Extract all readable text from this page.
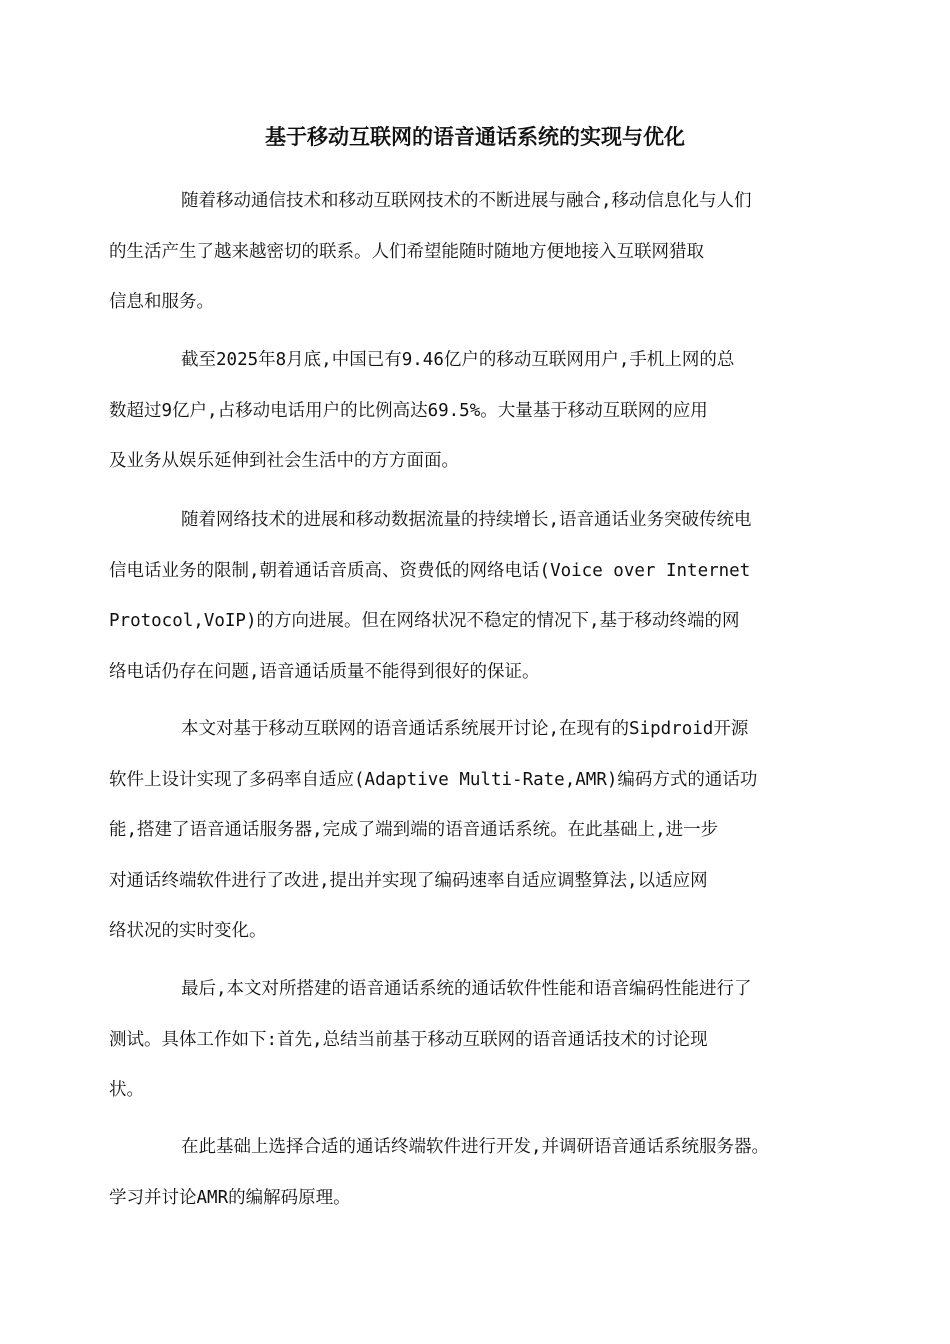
基于移动互联网的语音通话系统的实现与优化

随着移动通信技术和移动互联网技术的不断进展与融合,移动信息化与人们
的生活产生了越来越密切的联系。人们希望能随时随地方便地接入互联网猎取
信息和服务。

截至2025年8月底,中国已有9.46亿户的移动互联网用户,手机上网的总
数超过9亿户,占移动电话用户的比例高达69.5%。大量基于移动互联网的应用
及业务从娱乐延伸到社会生活中的方方面面。

随着网络技术的进展和移动数据流量的持续增长,语音通话业务突破传统电
信电话业务的限制,朝着通话音质高、资费低的网络电话(Voice over Internet
Protocol,VoIP)的方向进展。但在网络状况不稳定的情况下,基于移动终端的网
络电话仍存在问题,语音通话质量不能得到很好的保证。

本文对基于移动互联网的语音通话系统展开讨论,在现有的Sipdroid开源
软件上设计实现了多码率自适应(Adaptive Multi-Rate,AMR)编码方式的通话功
能,搭建了语音通话服务器,完成了端到端的语音通话系统。在此基础上,进一步
对通话终端软件进行了改进,提出并实现了编码速率自适应调整算法,以适应网
络状况的实时变化。

最后,本文对所搭建的语音通话系统的通话软件性能和语音编码性能进行了
测试。具体工作如下:首先,总结当前基于移动互联网的语音通话技术的讨论现
状。

在此基础上选择合适的通话终端软件进行开发,并调研语音通话系统服务器。
学习并讨论AMR的编解码原理。
